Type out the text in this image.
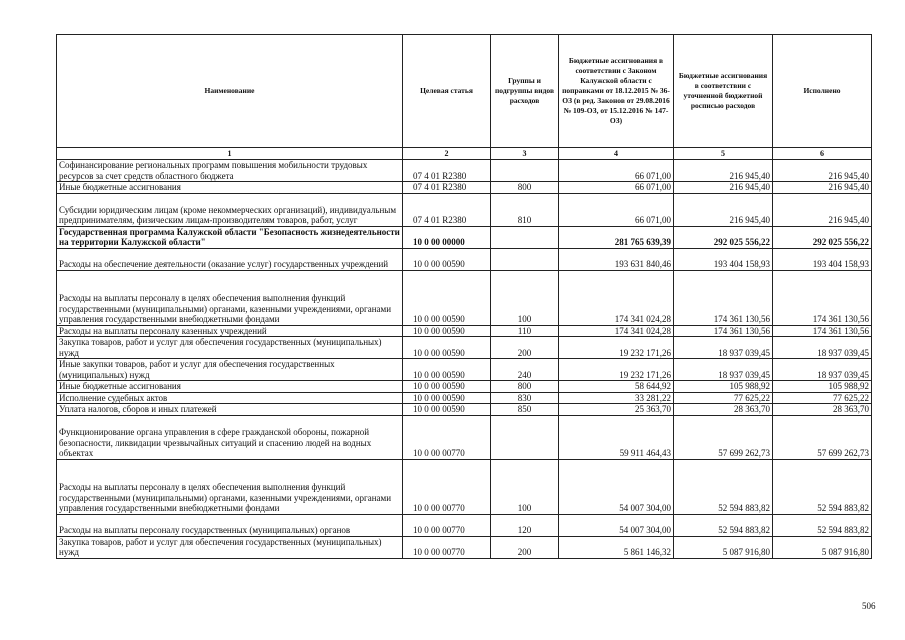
Наименование	Целевая статья	Группы и подгруппы видов расходов	Бюджетные ассигнования в соответствии с Законом Калужской области с поправками от 18.12.2015 № 36-ОЗ (в ред. Законов от 29.08.2016 № 109-ОЗ, от 15.12.2016 № 147-ОЗ)	Бюджетные ассигнования в соответствии с уточненной бюджетной росписью расходов	Исполнено
1	2	3	4	5	6
Софинансирование региональных программ повышения мобильности трудовых ресурсов за счет средств областного бюджета	07 4 01 R2380		66 071,00	216 945,40	216 945,40
Иные бюджетные ассигнования	07 4 01 R2380	800	66 071,00	216 945,40	216 945,40
Субсидии юридическим лицам (кроме некоммерческих организаций), индивидуальным предпринимателям, физическим лицам-производителям товаров, работ, услуг	07 4 01 R2380	810	66 071,00	216 945,40	216 945,40
Государственная программа Калужской области "Безопасность жизнедеятельности на территории Калужской области"	10 0 00 00000		281 765 639,39	292 025 556,22	292 025 556,22
Расходы на обеспечение деятельности (оказание услуг) государственных учреждений	10 0 00 00590		193 631 840,46	193 404 158,93	193 404 158,93
Расходы на выплаты персоналу в целях обеспечения выполнения функций государственными (муниципальными) органами, казенными учреждениями, органами управления государственными внебюджетными фондами	10 0 00 00590	100	174 341 024,28	174 361 130,56	174 361 130,56
Расходы на выплаты персоналу казенных учреждений	10 0 00 00590	110	174 341 024,28	174 361 130,56	174 361 130,56
Закупка товаров, работ и услуг для обеспечения государственных (муниципальных) нужд	10 0 00 00590	200	19 232 171,26	18 937 039,45	18 937 039,45
Иные закупки товаров, работ и услуг для обеспечения государственных (муниципальных) нужд	10 0 00 00590	240	19 232 171,26	18 937 039,45	18 937 039,45
Иные бюджетные ассигнования	10 0 00 00590	800	58 644,92	105 988,92	105 988,92
Исполнение судебных актов	10 0 00 00590	830	33 281,22	77 625,22	77 625,22
Уплата налогов, сборов и иных платежей	10 0 00 00590	850	25 363,70	28 363,70	28 363,70
Функционирование органа управления в сфере гражданской обороны, пожарной безопасности, ликвидации чрезвычайных ситуаций и спасению людей на водных объектах	10 0 00 00770		59 911 464,43	57 699 262,73	57 699 262,73
Расходы на выплаты персоналу в целях обеспечения выполнения функций государственными (муниципальными) органами, казенными учреждениями, органами управления государственными внебюджетными фондами	10 0 00 00770	100	54 007 304,00	52 594 883,82	52 594 883,82
Расходы на выплаты персоналу государственных (муниципальных) органов	10 0 00 00770	120	54 007 304,00	52 594 883,82	52 594 883,82
Закупка товаров, работ и услуг для обеспечения государственных (муниципальных) нужд	10 0 00 00770	200	5 861 146,32	5 087 916,80	5 087 916,80
506
